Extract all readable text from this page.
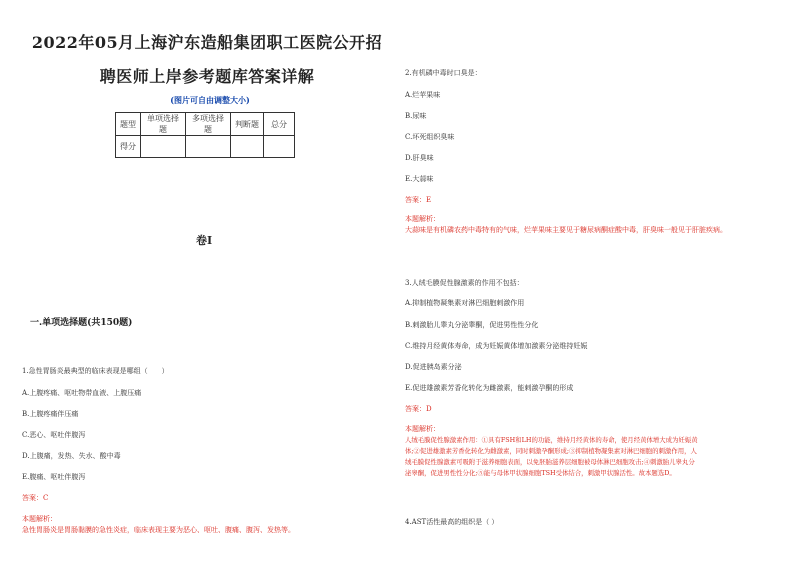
2022年05月上海沪东造船集团职工医院公开招
聘医师上岸参考题库答案详解
(图片可自由调整大小)
题型	单项选择题	多项选择题	判断题	总分
得分				
卷I
一.单项选择题(共150题)
1.急性胃肠炎最典型的临床表现是哪组（　　）
A.上腹疼痛、呕吐物带血液、上腹压痛
B.上腹疼痛伴压痛
C.恶心、呕吐伴腹泻
D.上腹痛，发热、失水、酸中毒
E.腹痛、呕吐伴腹泻
答案：C
本题解析：
急性胃肠炎是胃肠黏膜的急性炎症，临床表现主要为恶心、呕吐、腹痛、腹泻、发热等。
2.有机磷中毒时口臭是：
A.烂苹果味
B.尿味
C.坏死组织臭味
D.肝臭味
E.大蒜味
答案：E
本题解析：
大蒜味是有机磷农药中毒特有的气味，烂苹果味主要见于糖尿病酮症酸中毒，肝臭味一般见于肝脏疾病。
3.人绒毛膜促性腺激素的作用不包括：
A.抑制植物凝集素对淋巴细胞刺激作用
B.刺激胎儿睾丸分泌睾酮，促进男性性分化
C.维持月经黄体寿命，成为妊娠黄体增加激素分泌维持妊娠
D.促进胰岛素分泌
E.促进雄激素芳香化转化为雌激素，能刺激孕酮的形成
答案：D
本题解析：
人绒毛膜促性腺激素作用：①具有FSH和LH的功能，维持月经黄体的寿命，使月经黄体增大成为妊娠黄
体;②促进雄激素芳香化转化为雌激素，同时刺激孕酮形成;③抑制植物凝集素对淋巴细胞的刺激作用，人
绒毛膜促性腺激素可吸附于滋养细胞表面，以免胚胎滋养层细胞被母体淋巴细胞攻击;④刺激胎儿睾丸分
泌睾酮，促进男性性分化;⑤能与母体甲状腺细胞TSH受体结合，刺激甲状腺活性。故本题选D。
4.AST活性最高的组织是（ ）
